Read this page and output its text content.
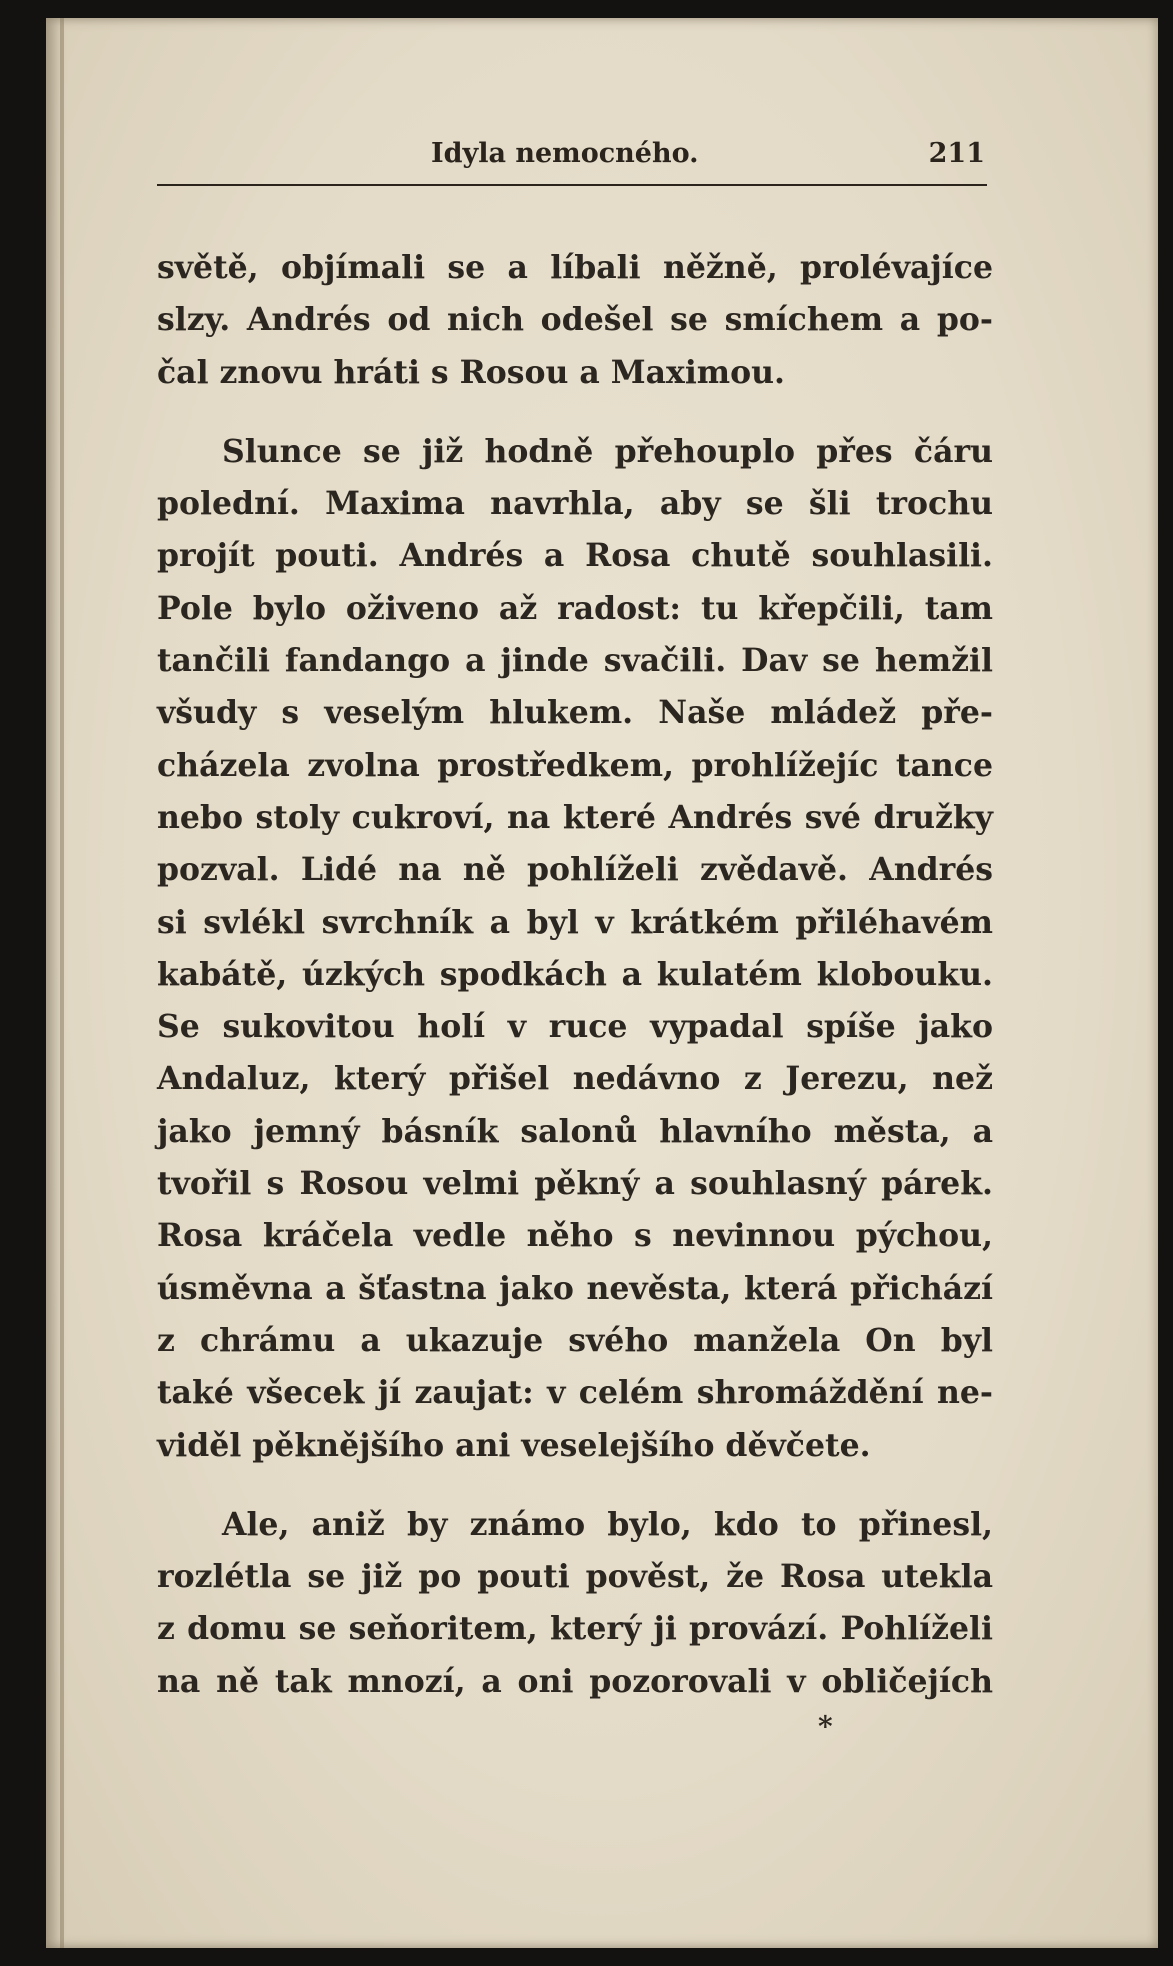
Idyla nemocného.	211
světě, objímali se a líbali něžně, prolévajíce
slzy. Andrés od nich odešel se smíchem a po-
čal znovu hráti s Rosou a Maximou.
Slunce se již hodně přehouplo přes čáru
polední. Maxima navrhla, aby se šli trochu
projít pouti. Andrés a Rosa chutě souhlasili.
Pole bylo oživeno až radost: tu křepčili, tam
tančili fandango a jinde svačili. Dav se hemžil
všudy s veselým hlukem. Naše mládež pře-
cházela zvolna prostředkem, prohlížejíc tance
nebo stoly cukroví, na které Andrés své družky
pozval. Lidé na ně pohlíželi zvědavě. Andrés
si svlékl svrchník a byl v krátkém přiléhavém
kabátě, úzkých spodkách a kulatém klobouku.
Se sukovitou holí v ruce vypadal spíše jako
Andaluz, který přišel nedávno z Jerezu, než
jako jemný básník salonů hlavního města, a
tvořil s Rosou velmi pěkný a souhlasný párek.
Rosa kráčela vedle něho s nevinnou pýchou,
úsměvna a šťastna jako nevěsta, která přichází
z chrámu a ukazuje svého manžela On byl
také všecek jí zaujat: v celém shromáždění ne-
viděl pěknějšího ani veselejšího děvčete.
Ale, aniž by známo bylo, kdo to přinesl,
rozlétla se již po pouti pověst, že Rosa utekla
z domu se seňoritem, který ji provází. Pohlíželi
na ně tak mnozí, a oni pozorovali v obličejích
*
